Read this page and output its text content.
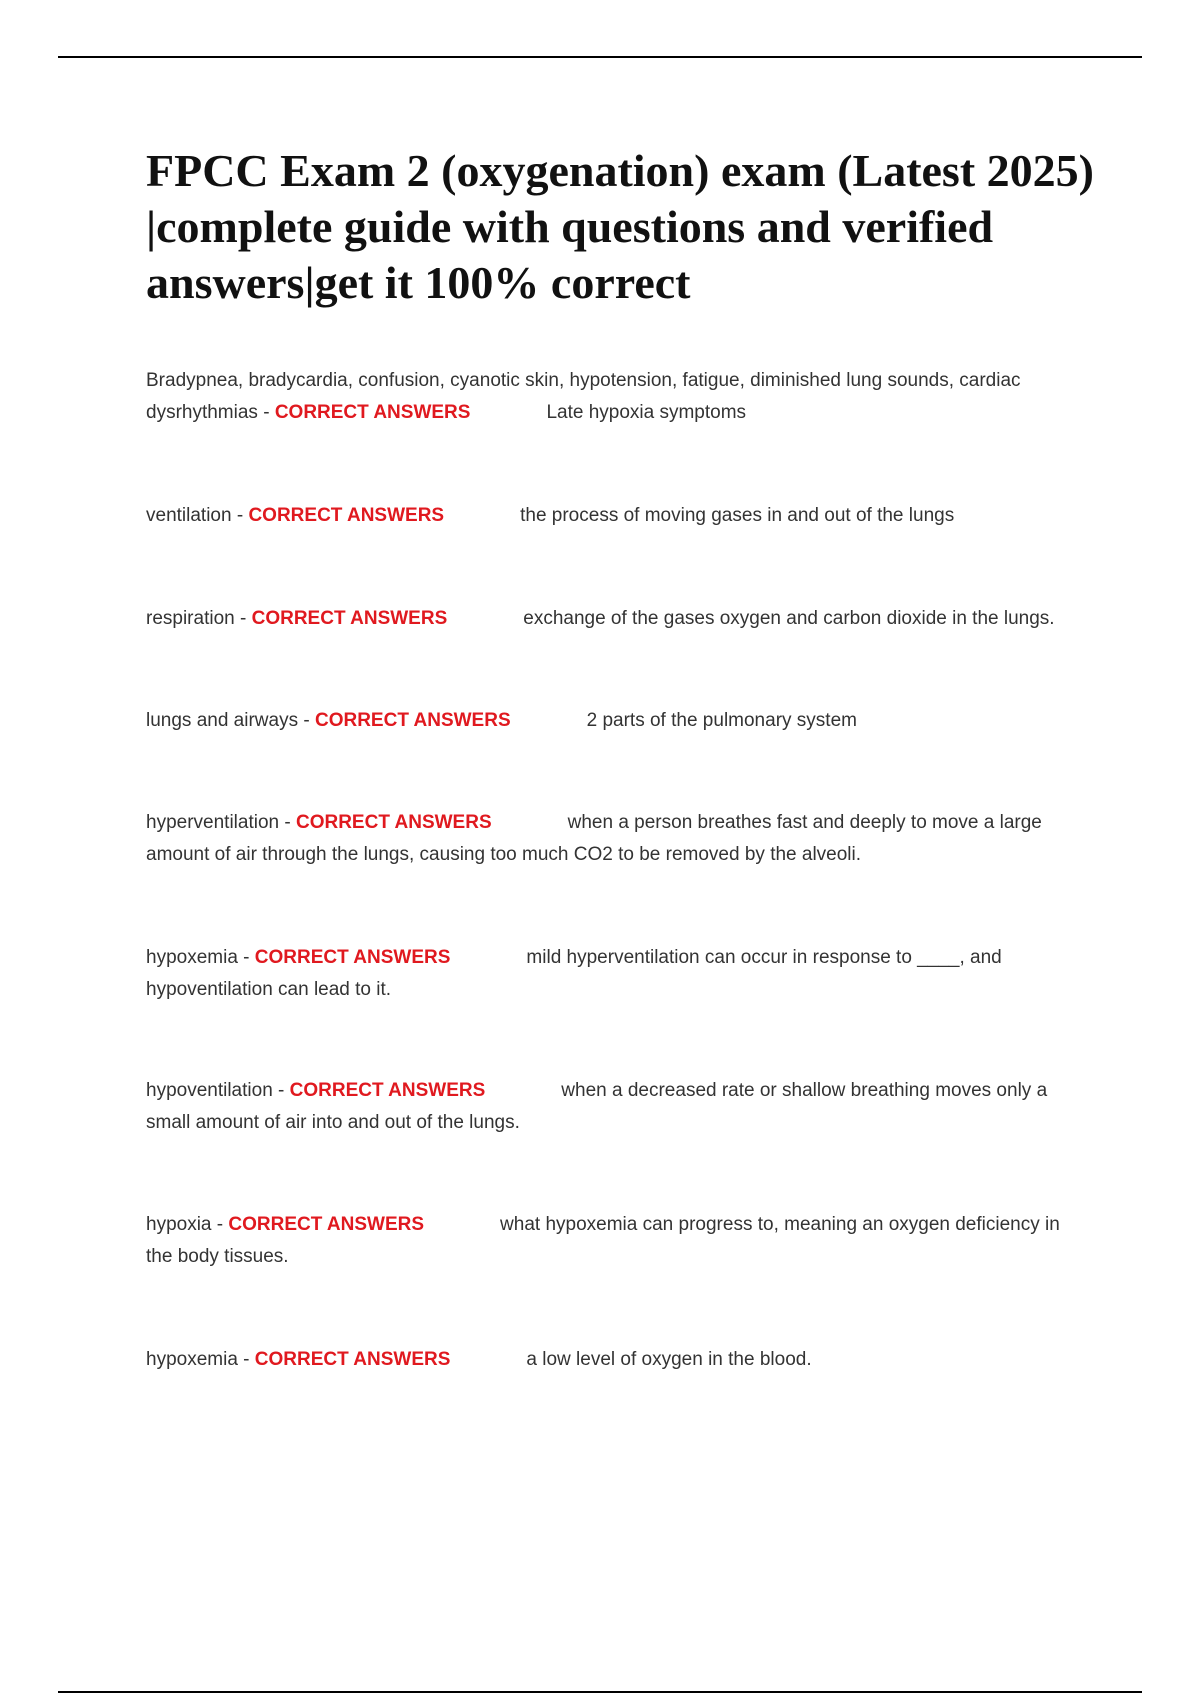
FPCC Exam 2 (oxygenation) exam (Latest 2025) |complete guide with questions and verified answers|get it 100% correct
Bradypnea, bradycardia, confusion, cyanotic skin, hypotension, fatigue, diminished lung sounds, cardiac dysrhythmias - CORRECT ANSWERS	Late hypoxia symptoms
ventilation - CORRECT ANSWERS	the process of moving gases in and out of the lungs
respiration - CORRECT ANSWERS	exchange of the gases oxygen and carbon dioxide in the lungs.
lungs and airways - CORRECT ANSWERS	2 parts of the pulmonary system
hyperventilation - CORRECT ANSWERS	when a person breathes fast and deeply to move a large amount of air through the lungs, causing too much CO2 to be removed by the alveoli.
hypoxemia - CORRECT ANSWERS	mild hyperventilation can occur in response to ____, and hypoventilation can lead to it.
hypoventilation - CORRECT ANSWERS	when a decreased rate or shallow breathing moves only a small amount of air into and out of the lungs.
hypoxia - CORRECT ANSWERS	what hypoxemia can progress to, meaning an oxygen deficiency in the body tissues.
hypoxemia - CORRECT ANSWERS	a low level of oxygen in the blood.
